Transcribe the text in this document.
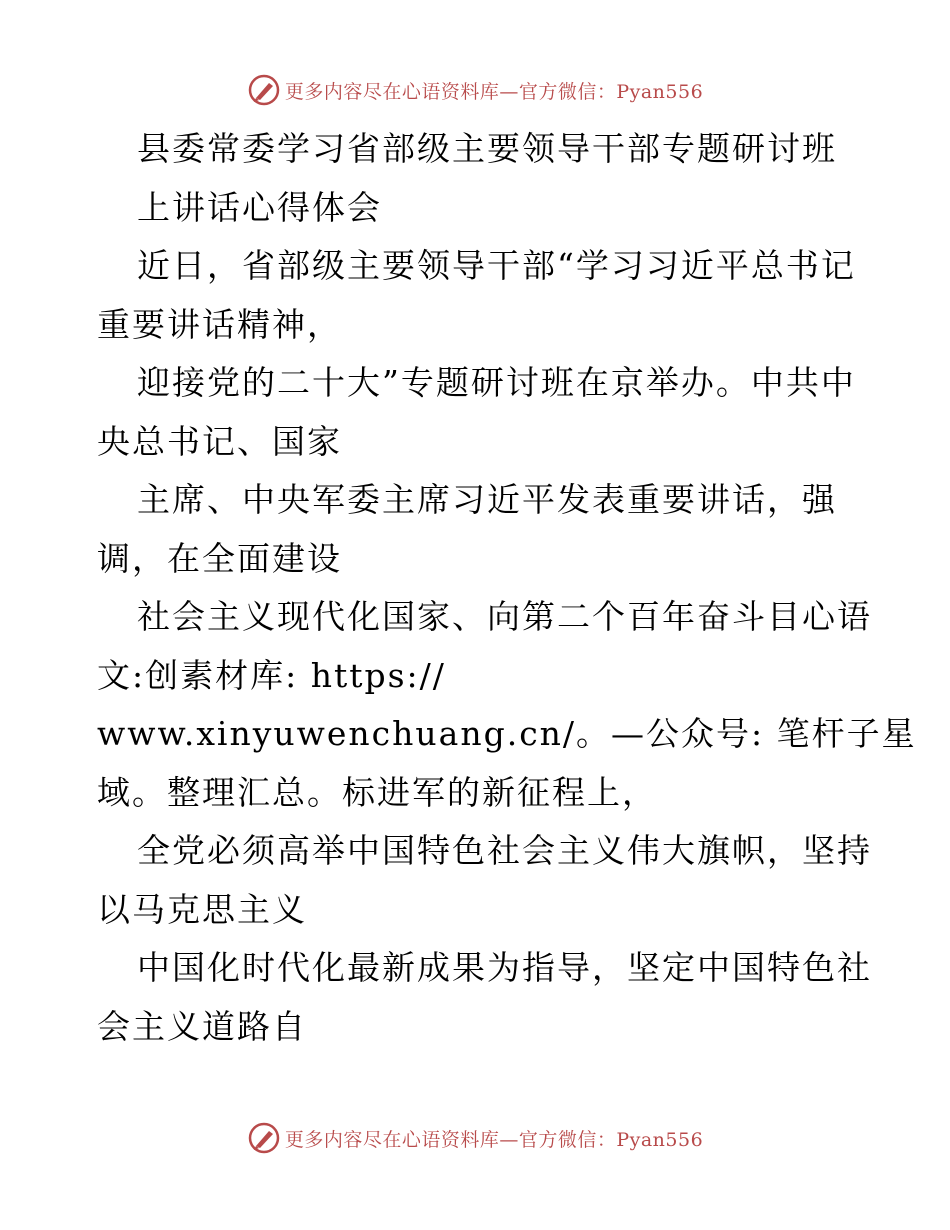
更多内容尽在心语资料库—官方微信：Pyan556
县委常委学习省部级主要领导干部专题研讨班
上讲话心得体会
近日，省部级主要领导干部“学习习近平总书记
重要讲话精神，
迎接党的二十大”专题研讨班在京举办。中共中
央总书记、国家
主席、中央军委主席习近平发表重要讲话，强
调，在全面建设
社会主义现代化国家、向第二个百年奋斗目心语
文:创素材库: https://
www.xinyuwenchuang.cn/。—公众号: 笔杆子星
域。整理汇总。标进军的新征程上，
全党必须高举中国特色社会主义伟大旗帜，坚持
以马克思主义
中国化时代化最新成果为指导，坚定中国特色社
会主义道路自
更多内容尽在心语资料库—官方微信：Pyan556
